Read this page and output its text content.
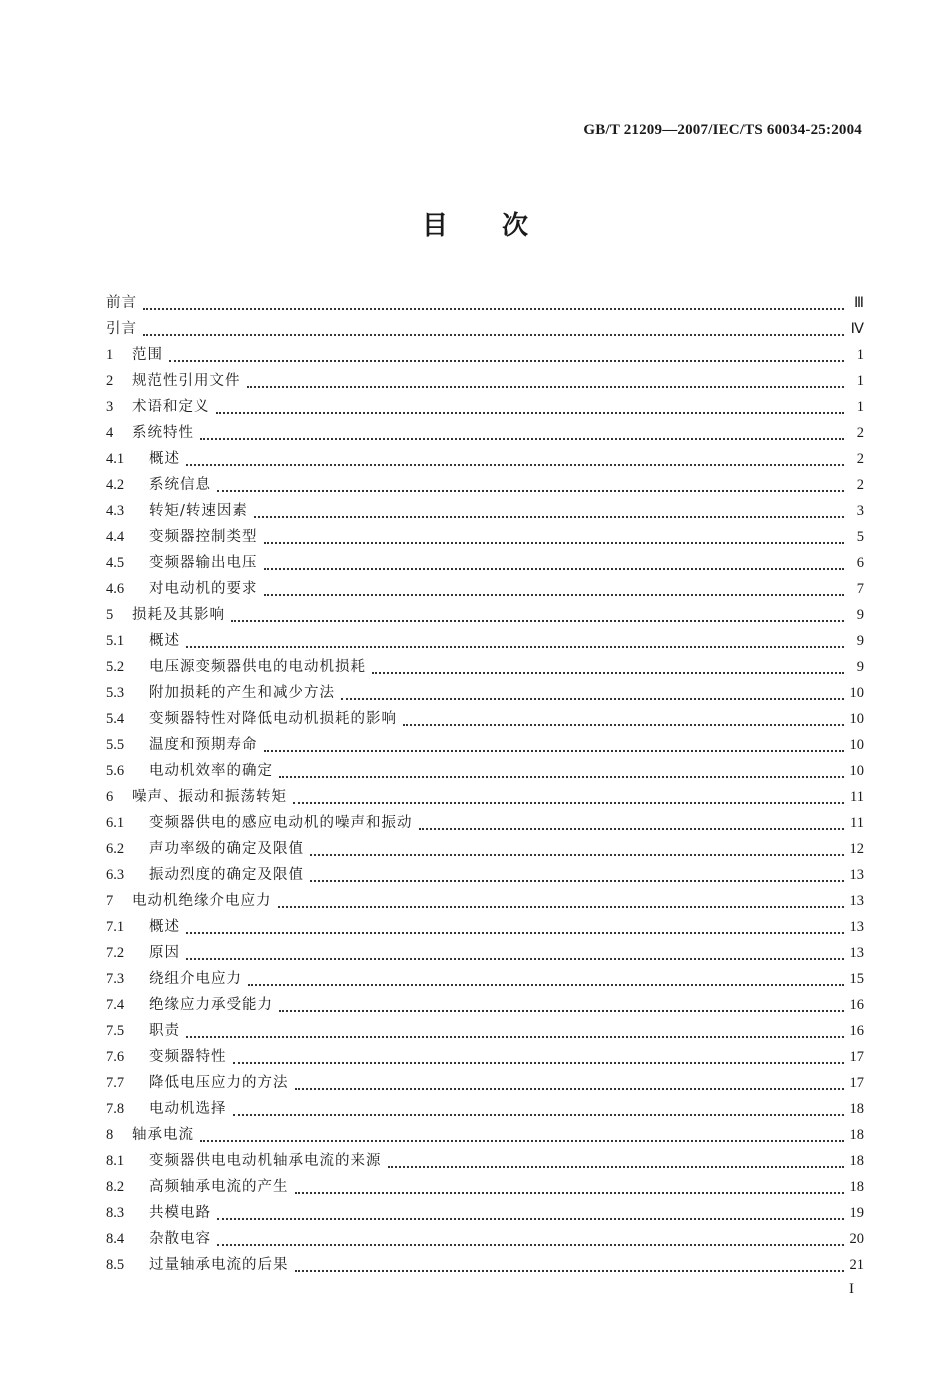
GB/T 21209—2007/IEC/TS 60034-25:2004
目次
前言	Ⅲ
引言	Ⅳ
1	范围	1
2	规范性引用文件	1
3	术语和定义	1
4	系统特性	2
4.1	概述	2
4.2	系统信息	2
4.3	转矩/转速因素	3
4.4	变频器控制类型	5
4.5	变频器输出电压	6
4.6	对电动机的要求	7
5	损耗及其影响	9
5.1	概述	9
5.2	电压源变频器供电的电动机损耗	9
5.3	附加损耗的产生和减少方法	10
5.4	变频器特性对降低电动机损耗的影响	10
5.5	温度和预期寿命	10
5.6	电动机效率的确定	10
6	噪声、振动和振荡转矩	11
6.1	变频器供电的感应电动机的噪声和振动	11
6.2	声功率级的确定及限值	12
6.3	振动烈度的确定及限值	13
7	电动机绝缘介电应力	13
7.1	概述	13
7.2	原因	13
7.3	绕组介电应力	15
7.4	绝缘应力承受能力	16
7.5	职责	16
7.6	变频器特性	17
7.7	降低电压应力的方法	17
7.8	电动机选择	18
8	轴承电流	18
8.1	变频器供电电动机轴承电流的来源	18
8.2	高频轴承电流的产生	18
8.3	共模电路	19
8.4	杂散电容	20
8.5	过量轴承电流的后果	21
I
